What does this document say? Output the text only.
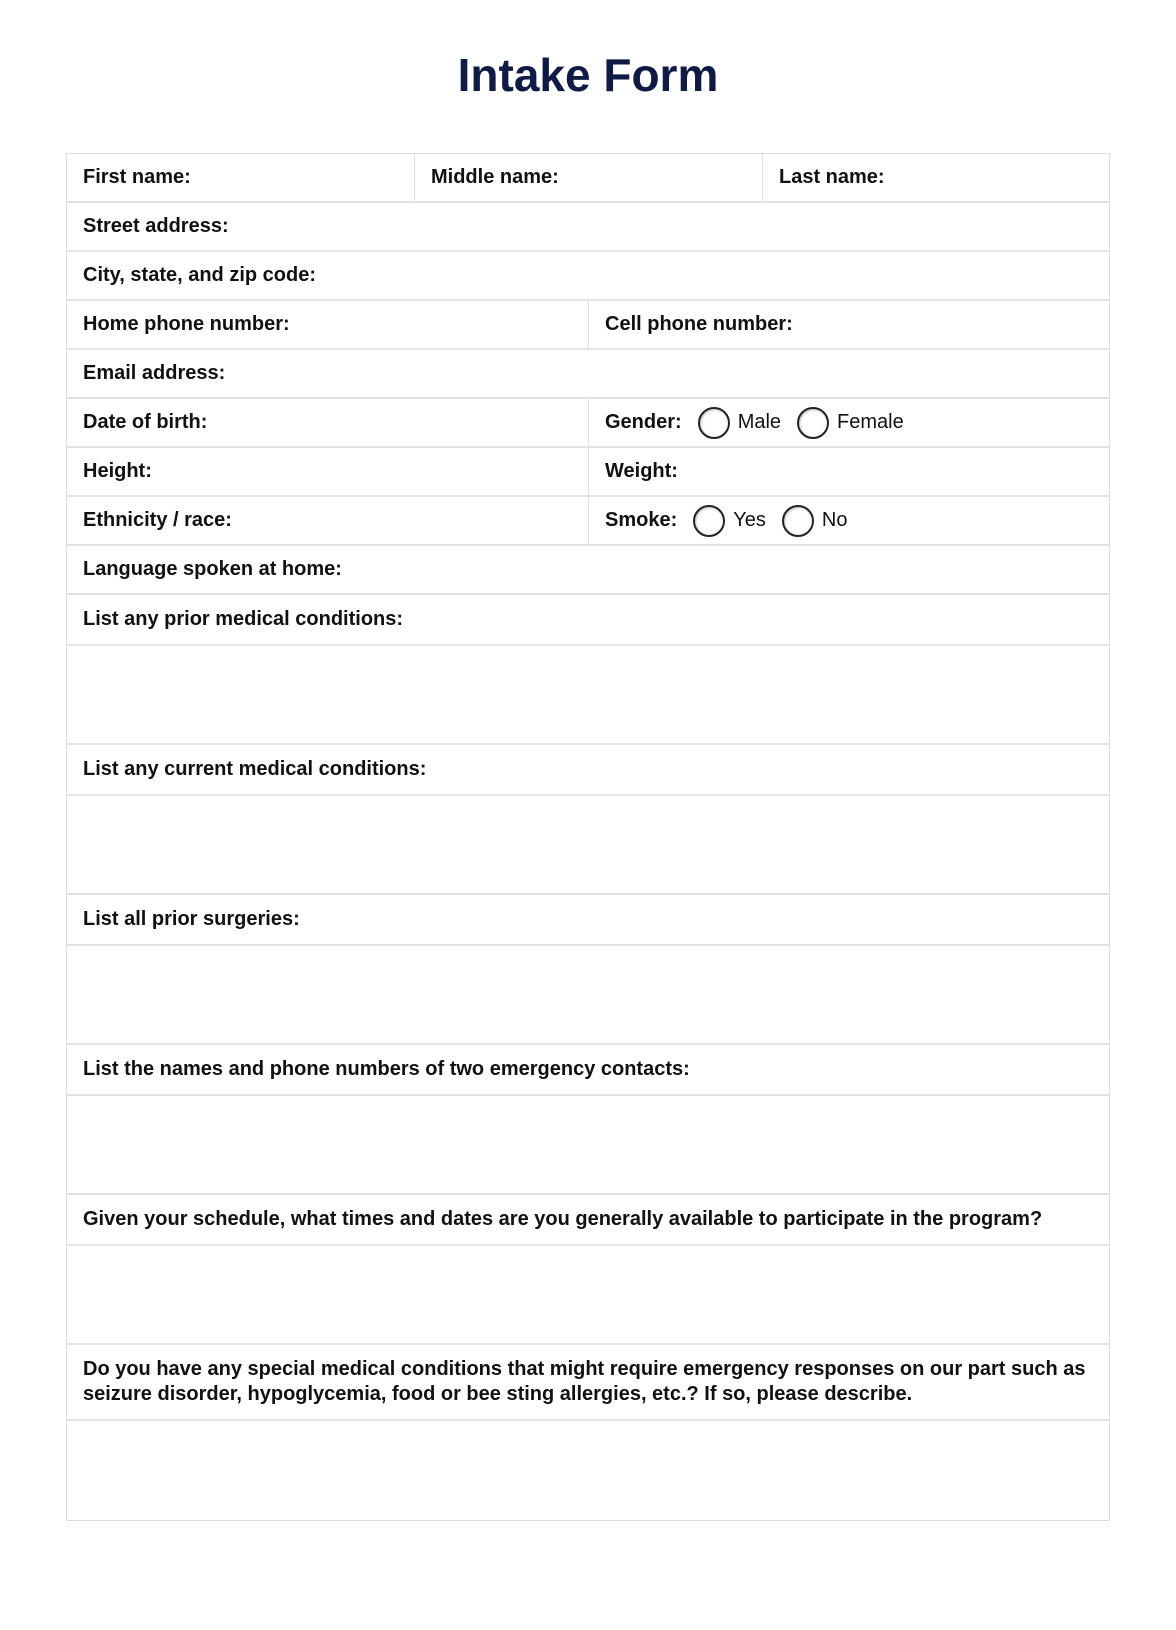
Intake Form
First name:	Middle name:	Last name:
Street address:
City, state, and zip code:
Home phone number:	Cell phone number:
Email address:
Date of birth:	Gender:	Male	Female
Height:	Weight:
Ethnicity / race:	Smoke:	Yes	No
Language spoken at home:
List any prior medical conditions:
List any current medical conditions:
List all prior surgeries:
List the names and phone numbers of two emergency contacts:
Given your schedule, what times and dates are you generally available to participate in the program?
Do you have any special medical conditions that might require emergency responses on our part such as seizure disorder, hypoglycemia, food or bee sting allergies, etc.? If so, please describe.
